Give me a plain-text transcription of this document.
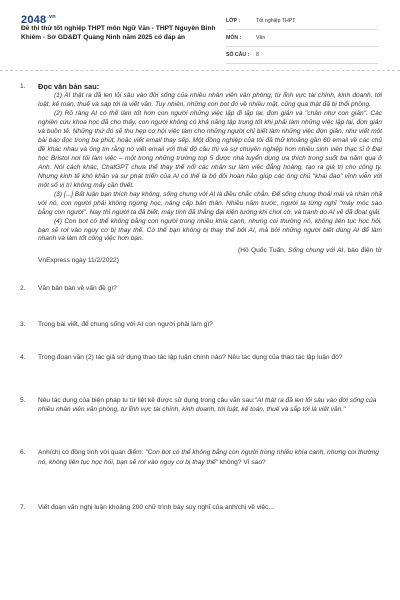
$2048^{.vn}$
Đề thi thử tốt nghiệp THPT môn Ngữ Văn - THPT Nguyên Bỉnh Khiêm - Sở GD&ĐT Quảng Ninh năm 2025 có đáp án
LỚP :	Tốt nghiệp THPT
MÔN :	Văn
SỐ CÂU :	8
1. Đọc văn bản sau:

(1) AI thật ra đã len lỏi sâu vào đời sống của nhiều nhân viên văn phòng, từ lĩnh vực tài chính, kinh doanh, tới luật, kế toán, thuế và sáp tới là viết văn. Tuy nhiên, những con bot đó về nhiều mặt, cũng quá thật đã bị thổi phồng.

(2) Rõ ràng AI có thể làm tốt hơn con người những việc lặp đi lặp lại, đơn giản và "chân như con giản". Các nghiên cứu khoa học đã cho thấy, con người không có khả năng tập trung tốt khi phải làm những việc lặp lại, đơn giản và buồn tẻ. Những thứ đó sẽ thu hẹp cơ hội việc làm cho những người chỉ biết làm những việc đơn giản, như viết một bài báo đọc trong ba phút, hoặc viết email thay sếp. Một đồng nghiệp của tôi đã thử khoảng gần 60 email về các chủ đề khác nhau và ông tin rằng nó viết email với thái độ cầu thị và sự chuyên nghiệp hơn nhiều sinh viên thạc sĩ ở Đại học Bristol nơi tôi làm việc – một trong những trường top 5 được nhà tuyển dụng ưa thích trong suốt ba năm qua ở Anh. Nói cách khác, ChatGPT chưa thể thay thế nổi các nhân sự làm việc đẳng hoàng, tạo ra giá trị cho công ty. Nhưng kinh tế khó khăn và sự phát triển của AI có thể là bộ đôi hoàn hảo giúp các ông chủ "khai đao" vĩnh viễn với một số vị trí không mấy cần thiết.

(3) [...] Bất luận bạn thích hay không, sống chung với AI là điều chắc chắn. Để sống chung thoải mái và nhàn nhã với nó, con người phải không ngừng học, nâng cấp bản thân. Nhiều năm trước, người ta từng nghĩ "máy móc sao bằng con người". Nay thì người ta đã biết, máy tính đã thắng đại kiện tướng khi chơi cờ, và tranh do AI vẽ đã đoạt giải.

(4) Con bot có thể không bằng con người trong nhiều khía cạnh, nhưng coi thường nó, không liên tục học hỏi, bạn sẽ rơi vào nguy cơ bị thay thế. Có thể bạn không bị thay thế bởi AI, mà bởi những người biết dùng AI để làm nhanh và làm tốt công việc hơn bạn.

(Hồ Quốc Tuấn, Sống chung với AI, báo điện tử VnExpress ngày 11/2/2022)
2. Văn bản bàn về vấn đề gì?
3. Trong bài viết, để chung sống với AI con người phải làm gì?
4. Trong đoạn văn (2) tác giả sử dụng thao tác lập luận chính nào? Nêu tác dụng của thao tác lập luận đó?
5. Nêu tác dụng của biện pháp tu từ liệt kê được sử dụng trong câu văn sau:"AI thật ra đã len lỏi sâu vào đời sống của nhiều nhân viên văn phòng, từ lĩnh vực tài chính, kinh doanh, tới luật, kế toán, thuế và sắp tới là viết văn."
6. Anh/chị có đồng tình với quan điểm: "Con bot có thể không bằng con người trong nhiều khía cạnh, nhưng coi thường nó, không liên tục học hỏi, bạn sẽ rơi vào nguy cơ bị thay thế" không? Vì sao?
7. Viết đoạn văn nghị luận khoảng 200 chữ trình bày suy nghĩ của anh/chị về việc...
